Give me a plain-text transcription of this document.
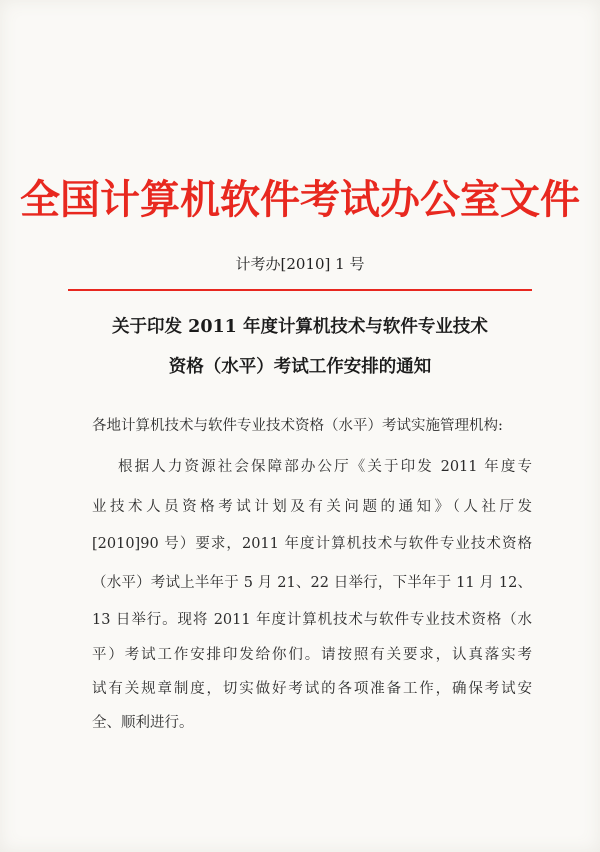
全国计算机软件考试办公室文件
计考办[2010] 1 号
关于印发 2011 年度计算机技术与软件专业技术
资格（水平）考试工作安排的通知
各地计算机技术与软件专业技术资格（水平）考试实施管理机构:
根据人力资源社会保障部办公厅《关于印发 2011 年度专
业技术人员资格考试计划及有关问题的通知》（人社厅发
[2010]90 号）要求，2011 年度计算机技术与软件专业技术资格
（水平）考试上半年于 5 月 21、22 日举行，下半年于 11 月 12、
13 日举行。现将 2011 年度计算机技术与软件专业技术资格（水
平）考试工作安排印发给你们。请按照有关要求，认真落实考
试有关规章制度，切实做好考试的各项准备工作，确保考试安
全、顺利进行。
